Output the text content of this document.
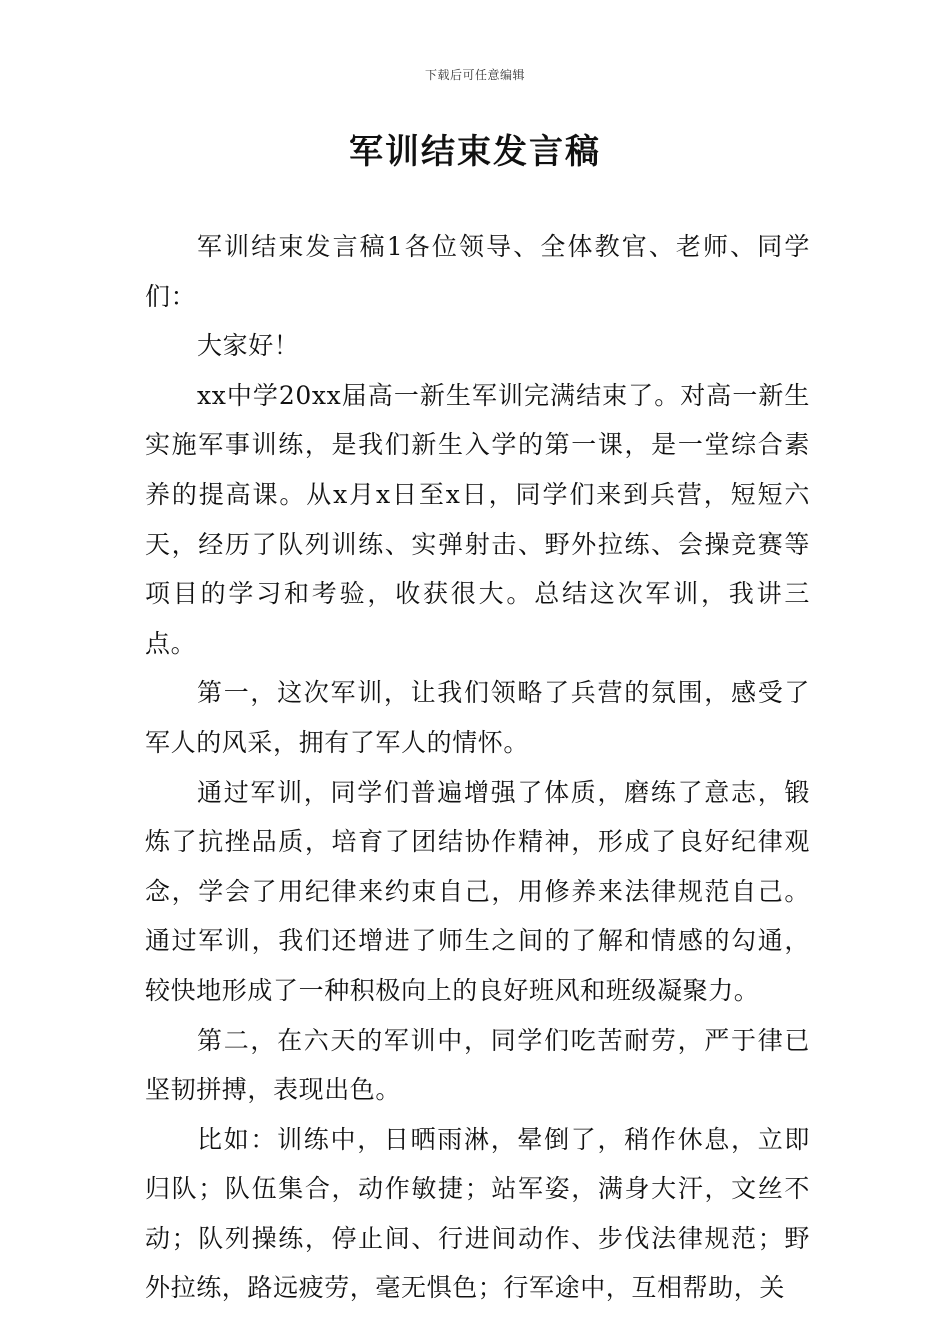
下载后可任意编辑
军训结束发言稿

军训结束发言稿1各位领导、全体教官、老师、同学们：

大家好！

xx中学20xx届高一新生军训完满结束了。对高一新生实施军事训练，是我们新生入学的第一课，是一堂综合素养的提高课。从x月x日至x日，同学们来到兵营，短短六天，经历了队列训练、实弹射击、野外拉练、会操竞赛等项目的学习和考验，收获很大。总结这次军训，我讲三点。

第一，这次军训，让我们领略了兵营的氛围，感受了军人的风采，拥有了军人的情怀。

通过军训，同学们普遍增强了体质，磨练了意志，锻炼了抗挫品质，培育了团结协作精神，形成了良好纪律观念，学会了用纪律来约束自己，用修养来法律规范自己。通过军训，我们还增进了师生之间的了解和情感的勾通，较快地形成了一种积极向上的良好班风和班级凝聚力。

第二，在六天的军训中，同学们吃苦耐劳，严于律已坚韧拼搏，表现出色。

比如：训练中，日晒雨淋，晕倒了，稍作休息，立即归队；队伍集合，动作敏捷；站军姿，满身大汗，文丝不动；队列操练，停止间、行进间动作、步伐法律规范；野外拉练，路远疲劳，毫无惧色；行军途中，互相帮助，关
